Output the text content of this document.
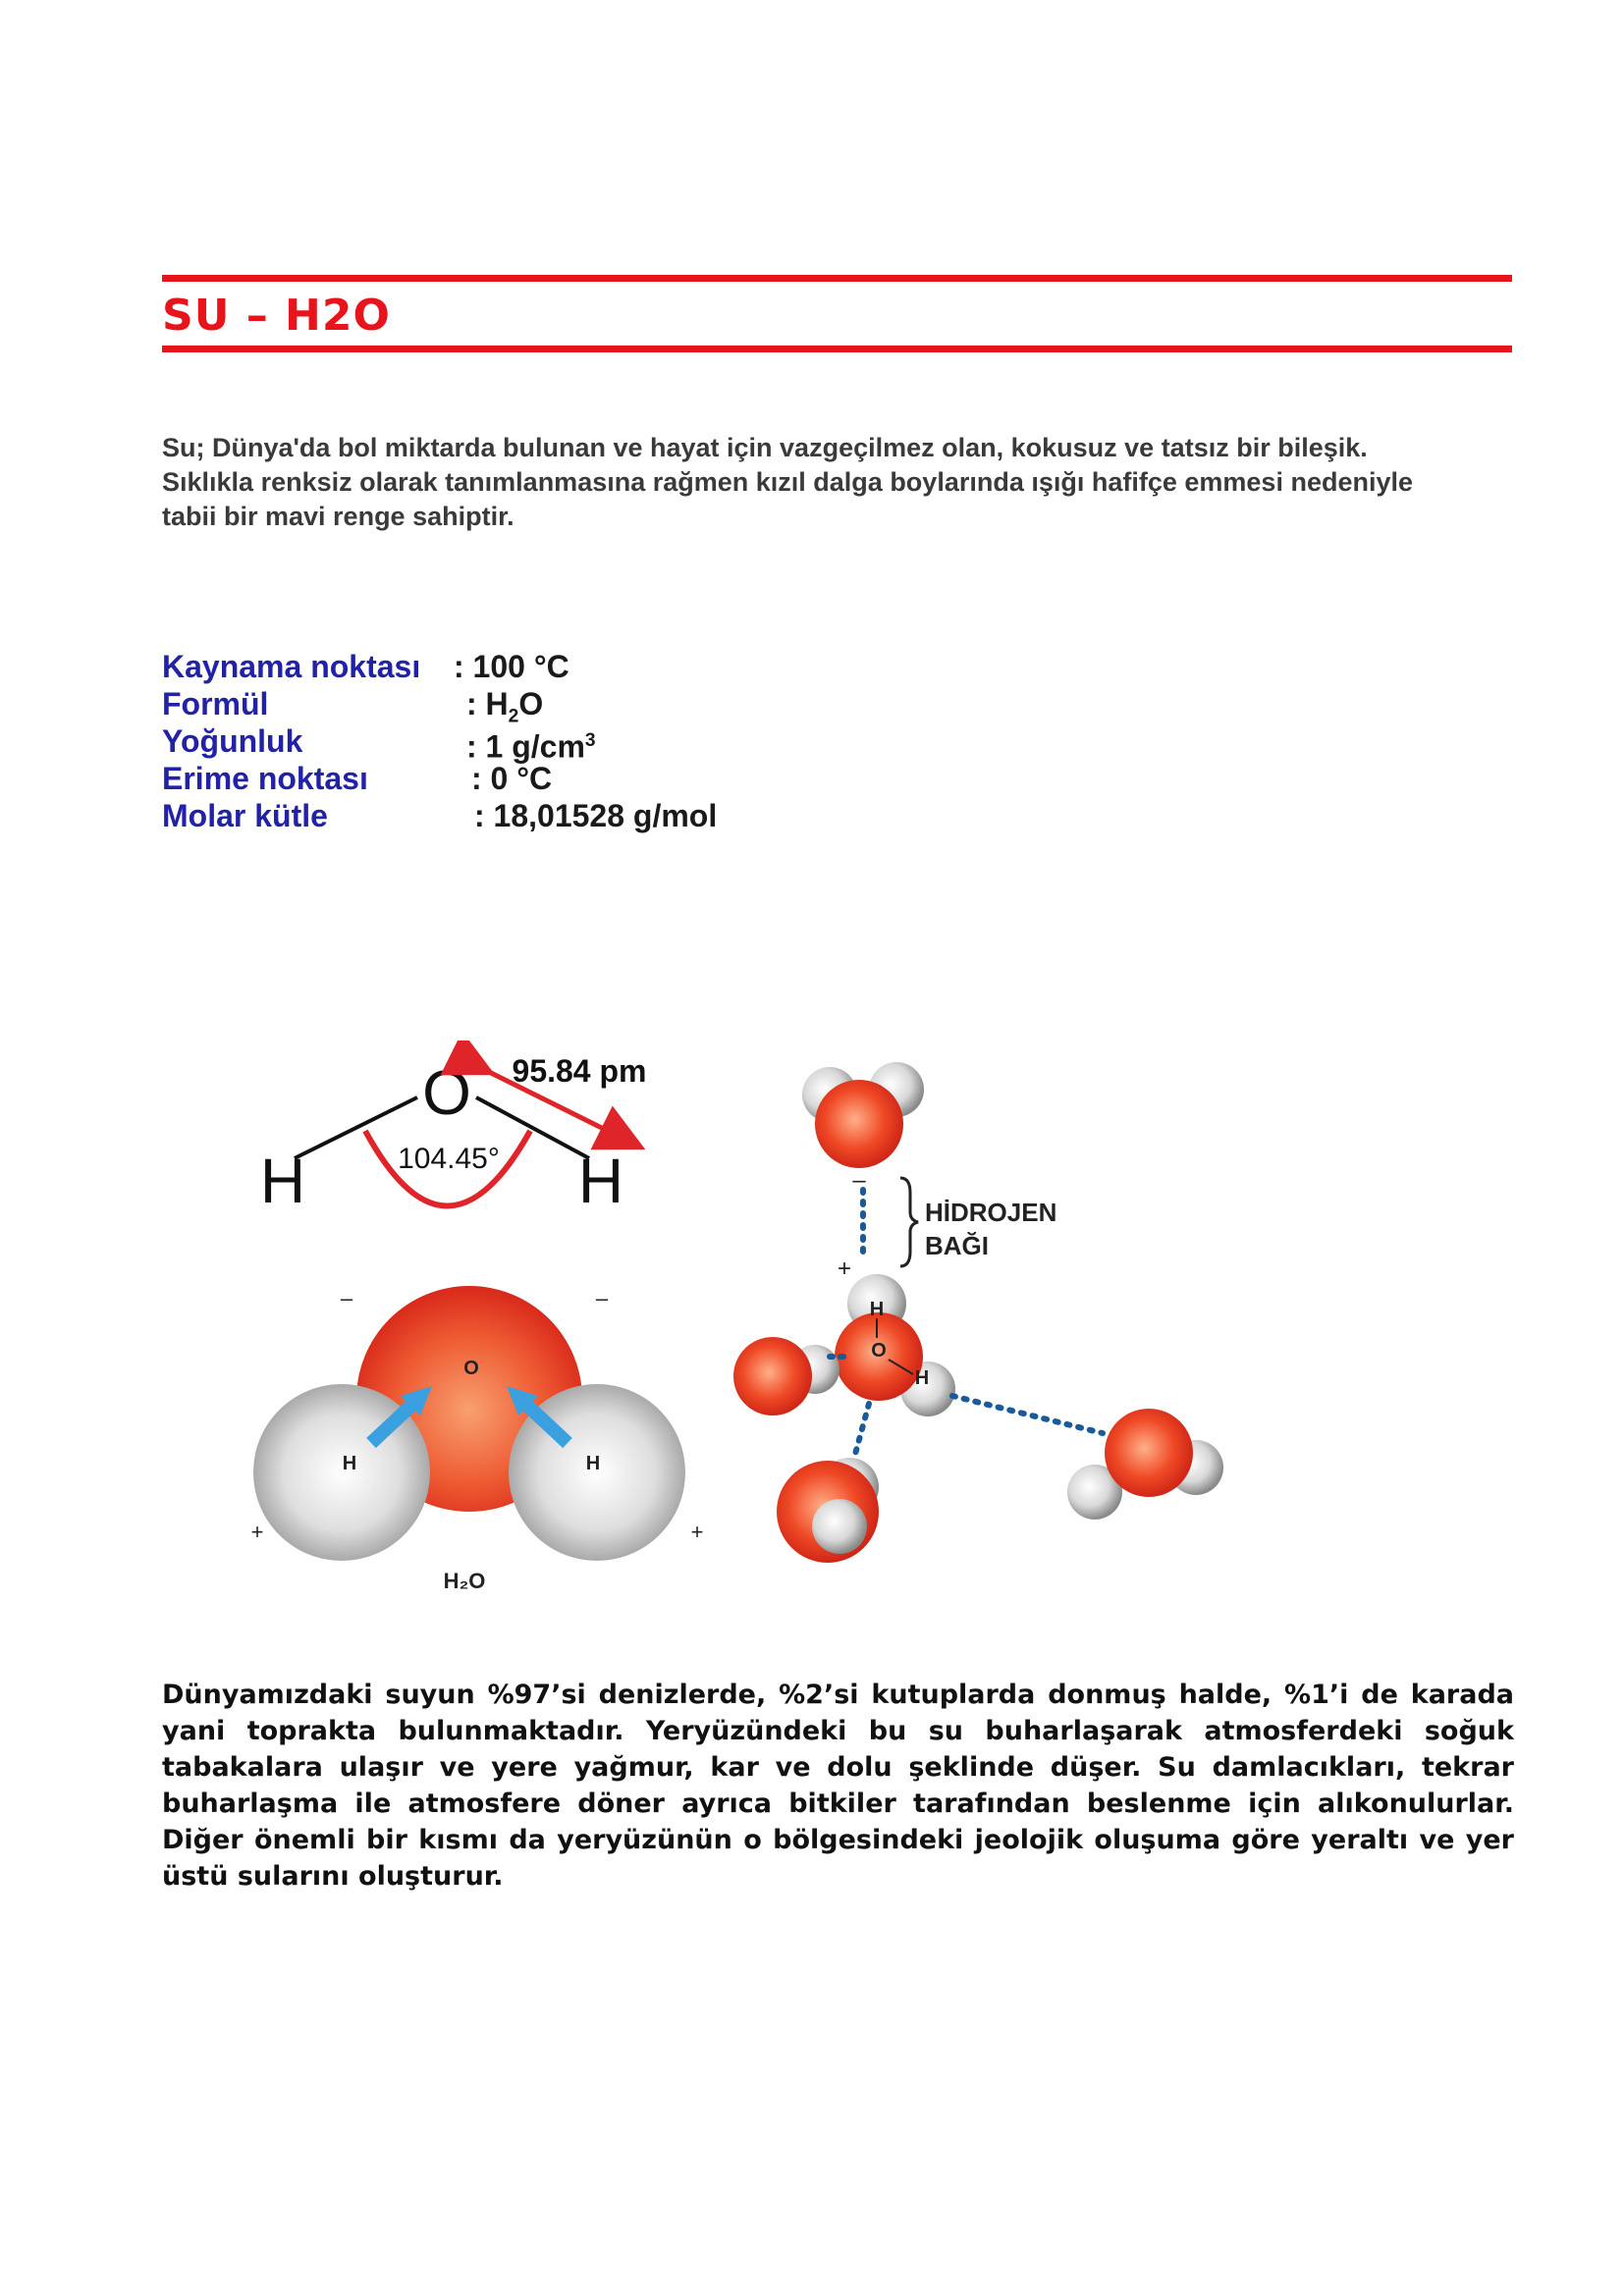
SU – H2O

Su; Dünya'da bol miktarda bulunan ve hayat için vazgeçilmez olan, kokusuz ve tatsız bir bileşik. Sıklıkla renksiz olarak tanımlanmasına rağmen kızıl dalga boylarında ışığı hafifçe emmesi nedeniyle tabii bir mavi renge sahiptir.

Kaynama noktası : 100 °C
Formül	: $H_2O$
Yoğunluk	: 1 $g/cm^3$
Erime noktası	: 0 °C
Molar kütle	: 18,01528 g/mol
O
H	H
104.45°
95.84 pm
O
H	H
–	–
+	+
H₂O
–
HİDROJEN
BAĞI
+
H
O
H

Dünyamızdaki suyun %97’si denizlerde, %2’si kutuplarda donmuş halde, %1’i de karada yani toprakta bulunmaktadır. Yeryüzündeki bu su buharlaşarak atmosferdeki soğuk tabakalara ulaşır ve yere yağmur, kar ve dolu şeklinde düşer. Su damlacıkları, tekrar buharlaşma ile atmosfere döner ayrıca bitkiler tarafından beslenme için alıkonulurlar. Diğer önemli bir kısmı da yeryüzünün o bölgesindeki jeolojik oluşuma göre yeraltı ve yer üstü sularını oluşturur.
